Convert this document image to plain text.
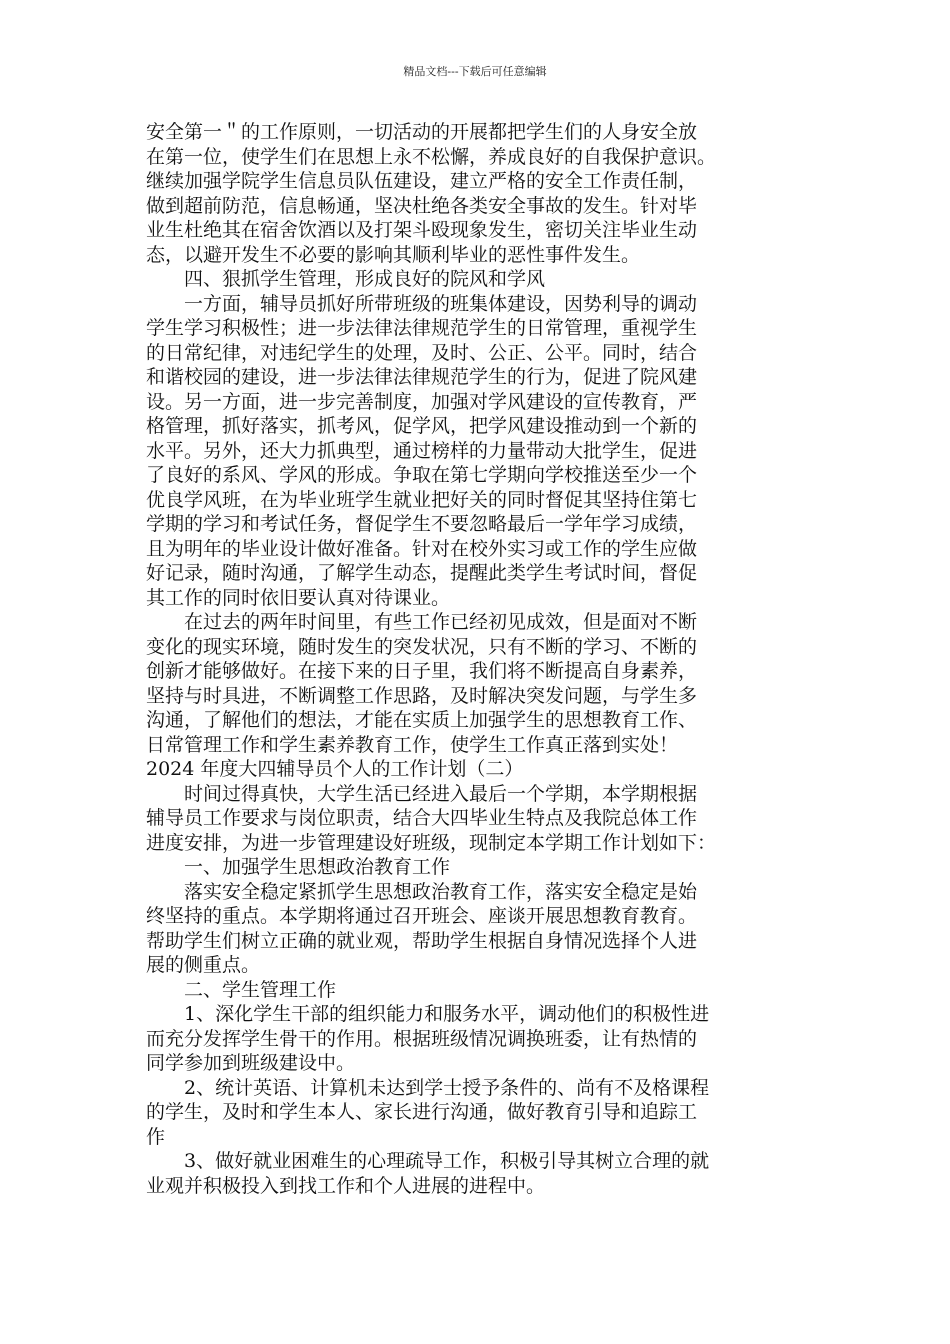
精品文档---下载后可任意编辑
安全第一＂的工作原则，一切活动的开展都把学生们的人身安全放
在第一位，使学生们在思想上永不松懈，养成良好的自我保护意识。
继续加强学院学生信息员队伍建设，建立严格的安全工作责任制，
做到超前防范，信息畅通，坚决杜绝各类安全事故的发生。针对毕
业生杜绝其在宿舍饮酒以及打架斗殴现象发生，密切关注毕业生动
态，以避开发生不必要的影响其顺利毕业的恶性事件发生。
四、狠抓学生管理，形成良好的院风和学风
一方面，辅导员抓好所带班级的班集体建设，因势利导的调动
学生学习积极性；进一步法律法律规范学生的日常管理，重视学生
的日常纪律，对违纪学生的处理，及时、公正、公平。同时，结合
和谐校园的建设，进一步法律法律规范学生的行为，促进了院风建
设。另一方面，进一步完善制度，加强对学风建设的宣传教育，严
格管理，抓好落实，抓考风，促学风，把学风建设推动到一个新的
水平。另外，还大力抓典型，通过榜样的力量带动大批学生，促进
了良好的系风、学风的形成。争取在第七学期向学校推送至少一个
优良学风班，在为毕业班学生就业把好关的同时督促其坚持住第七
学期的学习和考试任务，督促学生不要忽略最后一学年学习成绩，
且为明年的毕业设计做好准备。针对在校外实习或工作的学生应做
好记录，随时沟通，了解学生动态，提醒此类学生考试时间，督促
其工作的同时依旧要认真对待课业。
在过去的两年时间里，有些工作已经初见成效，但是面对不断
变化的现实环境，随时发生的突发状况，只有不断的学习、不断的
创新才能够做好。在接下来的日子里，我们将不断提高自身素养，
坚持与时具进，不断调整工作思路，及时解决突发问题，与学生多
沟通，了解他们的想法，才能在实质上加强学生的思想教育工作、
日常管理工作和学生素养教育工作，使学生工作真正落到实处！
2024 年度大四辅导员个人的工作计划（二）
时间过得真快，大学生活已经进入最后一个学期，本学期根据
辅导员工作要求与岗位职责，结合大四毕业生特点及我院总体工作
进度安排，为进一步管理建设好班级，现制定本学期工作计划如下：
一、加强学生思想政治教育工作
落实安全稳定紧抓学生思想政治教育工作，落实安全稳定是始
终坚持的重点。本学期将通过召开班会、座谈开展思想教育教育。
帮助学生们树立正确的就业观，帮助学生根据自身情况选择个人进
展的侧重点。
二、学生管理工作
1、深化学生干部的组织能力和服务水平，调动他们的积极性进
而充分发挥学生骨干的作用。根据班级情况调换班委，让有热情的
同学参加到班级建设中。
2、统计英语、计算机未达到学士授予条件的、尚有不及格课程
的学生，及时和学生本人、家长进行沟通，做好教育引导和追踪工
作
3、做好就业困难生的心理疏导工作，积极引导其树立合理的就
业观并积极投入到找工作和个人进展的进程中。
